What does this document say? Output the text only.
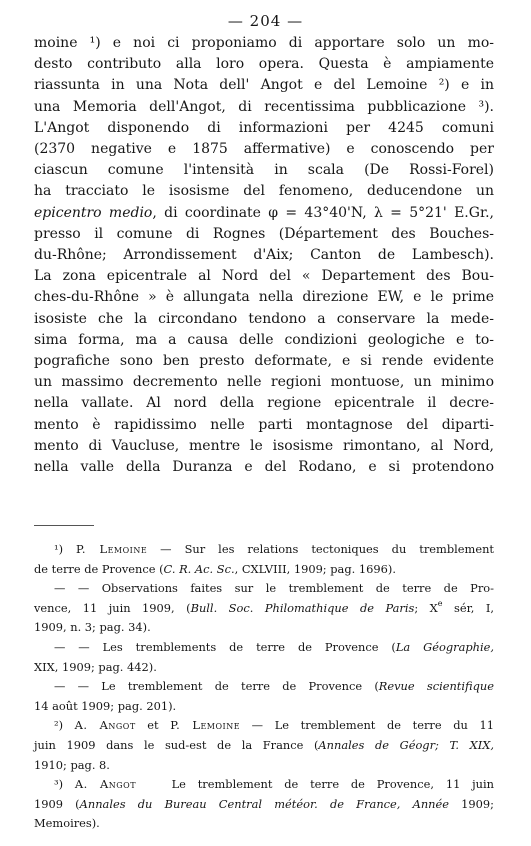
— 204 —
moine ¹) e noi ci proponiamo di apportare solo un mo-
desto contributo alla loro opera. Questa è ampiamente
riassunta in una Nota dell' Angot e del Lemoine ²) e in
una Memoria dell'Angot, di recentissima pubblicazione ³).
L'Angot disponendo di informazioni per 4245 comuni
(2370 negative e 1875 affermative) e conoscendo per
ciascun comune l'intensità in scala (De Rossi-Forel)
ha tracciato le isosisme del fenomeno, deducendone un
epicentro medio, di coordinate φ = 43°40'N, λ = 5°21' E.Gr.,
presso il comune di Rognes (Département des Bouches-
du-Rhône; Arrondissement d'Aix; Canton de Lambesch).
La zona epicentrale al Nord del « Departement des Bou-
ches-du-Rhône » è allungata nella direzione EW, e le prime
isosiste che la circondano tendono a conservare la mede-
sima forma, ma a causa delle condizioni geologiche e to-
pografiche sono ben presto deformate, e si rende evidente
un massimo decremento nelle regioni montuose, un minimo
nella vallate. Al nord della regione epicentrale il decre-
mento è rapidissimo nelle parti montagnose del diparti-
mento di Vaucluse, mentre le isosisme rimontano, al Nord,
nella valle della Duranza e del Rodano, e si protendono
¹) P. Lemoine — Sur les relations tectoniques du tremblement
de terre de Provence (C. R. Ac. Sc., CXLVIII, 1909; pag. 1696).
— — Observations faites sur le tremblement de terre de Pro-
vence, 11 juin 1909, (Bull. Soc. Philomathique de Paris; Xe sér, I,
1909, n. 3; pag. 34).
— — Les tremblements de terre de Provence (La Géographie,
XIX, 1909; pag. 442).
— — Le tremblement de terre de Provence (Revue scientifique
14 août 1909; pag. 201).
²) A. Angot et P. Lemoine — Le tremblement de terre du 11
juin 1909 dans le sud-est de la France (Annales de Géogr; T. XIX,
1910; pag. 8.
³) A. Angot   Le tremblement de terre de Provence, 11 juin
1909 (Annales du Bureau Central météor. de France, Année 1909;
Memoires).
